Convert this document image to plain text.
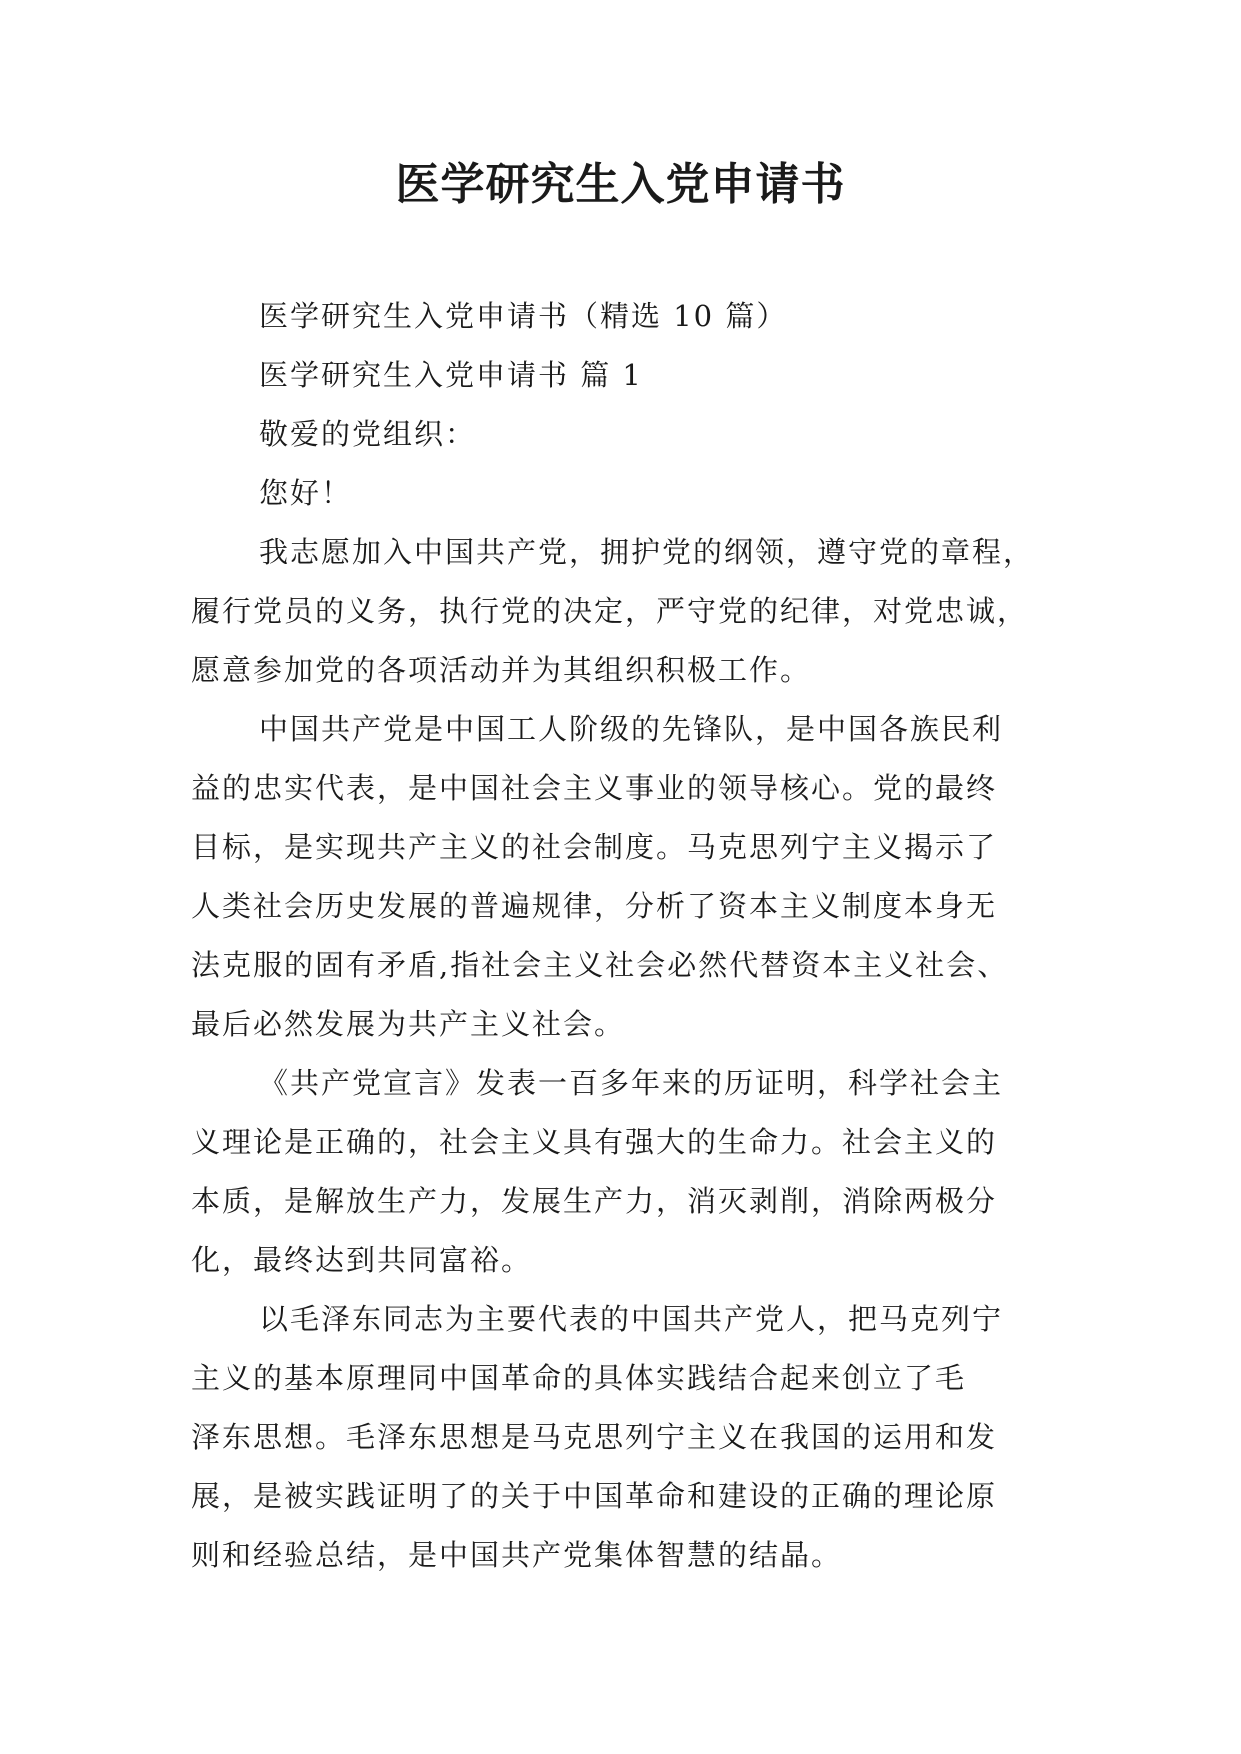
医学研究生入党申请书
医学研究生入党申请书（精选 10 篇）
医学研究生入党申请书 篇 1
敬爱的党组织：
您好！
我志愿加入中国共产党，拥护党的纲领，遵守党的章程，
履行党员的义务，执行党的决定，严守党的纪律，对党忠诚，
愿意参加党的各项活动并为其组织积极工作。
中国共产党是中国工人阶级的先锋队，是中国各族民利
益的忠实代表，是中国社会主义事业的领导核心。党的最终
目标，是实现共产主义的社会制度。马克思列宁主义揭示了
人类社会历史发展的普遍规律，分析了资本主义制度本身无
法克服的固有矛盾,指社会主义社会必然代替资本主义社会、
最后必然发展为共产主义社会。
《共产党宣言》发表一百多年来的历证明，科学社会主
义理论是正确的，社会主义具有强大的生命力。社会主义的
本质，是解放生产力，发展生产力，消灭剥削，消除两极分
化，最终达到共同富裕。
以毛泽东同志为主要代表的中国共产党人，把马克列宁
主义的基本原理同中国革命的具体实践结合起来创立了毛
泽东思想。毛泽东思想是马克思列宁主义在我国的运用和发
展，是被实践证明了的关于中国革命和建设的正确的理论原
则和经验总结，是中国共产党集体智慧的结晶。
